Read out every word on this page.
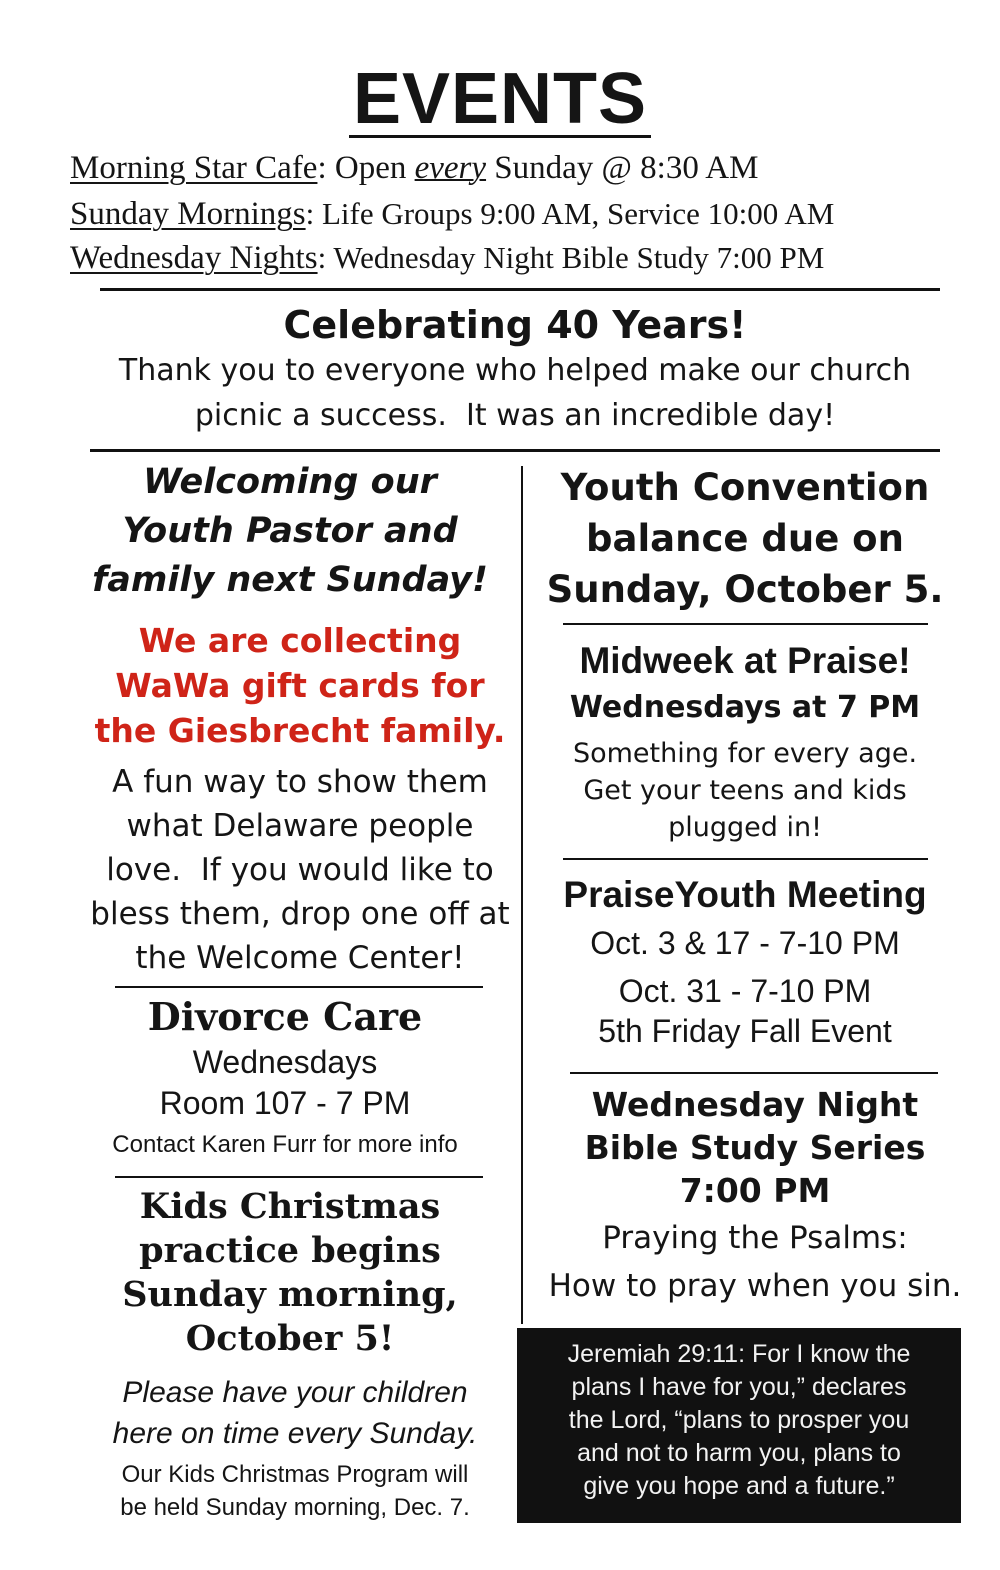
EVENTS
Morning Star Cafe: Open every Sunday @ 8:30 AM
Sunday Mornings: Life Groups 9:00 AM, Service 10:00 AM
Wednesday Nights: Wednesday Night Bible Study 7:00 PM
Celebrating 40 Years!
Thank you to everyone who helped make our church
picnic a success.  It was an incredible day!
Welcoming our
Youth Pastor and
family next Sunday!
We are collecting
WaWa gift cards for
the Giesbrecht family.
A fun way to show them
what Delaware people
love.  If you would like to
bless them, drop one off at
the Welcome Center!
Divorce Care
Wednesdays
Room 107 - 7 PM
Contact Karen Furr for more info
Kids Christmas
practice begins
Sunday morning,
October 5!
Please have your children
here on time every Sunday.
Our Kids Christmas Program will
be held Sunday morning, Dec. 7.
Youth Convention
balance due on
Sunday, October 5.
Midweek at Praise!
Wednesdays at 7 PM
Something for every age.
Get your teens and kids
plugged in!
PraiseYouth Meeting
Oct. 3 & 17 - 7-10 PM
Oct. 31 - 7-10 PM
5th Friday Fall Event
Wednesday Night
Bible Study Series
7:00 PM
Praying the Psalms:
How to pray when you sin.
Jeremiah 29:11: For I know the
plans I have for you,” declares
the Lord, “plans to prosper you
and not to harm you, plans to
give you hope and a future.”
